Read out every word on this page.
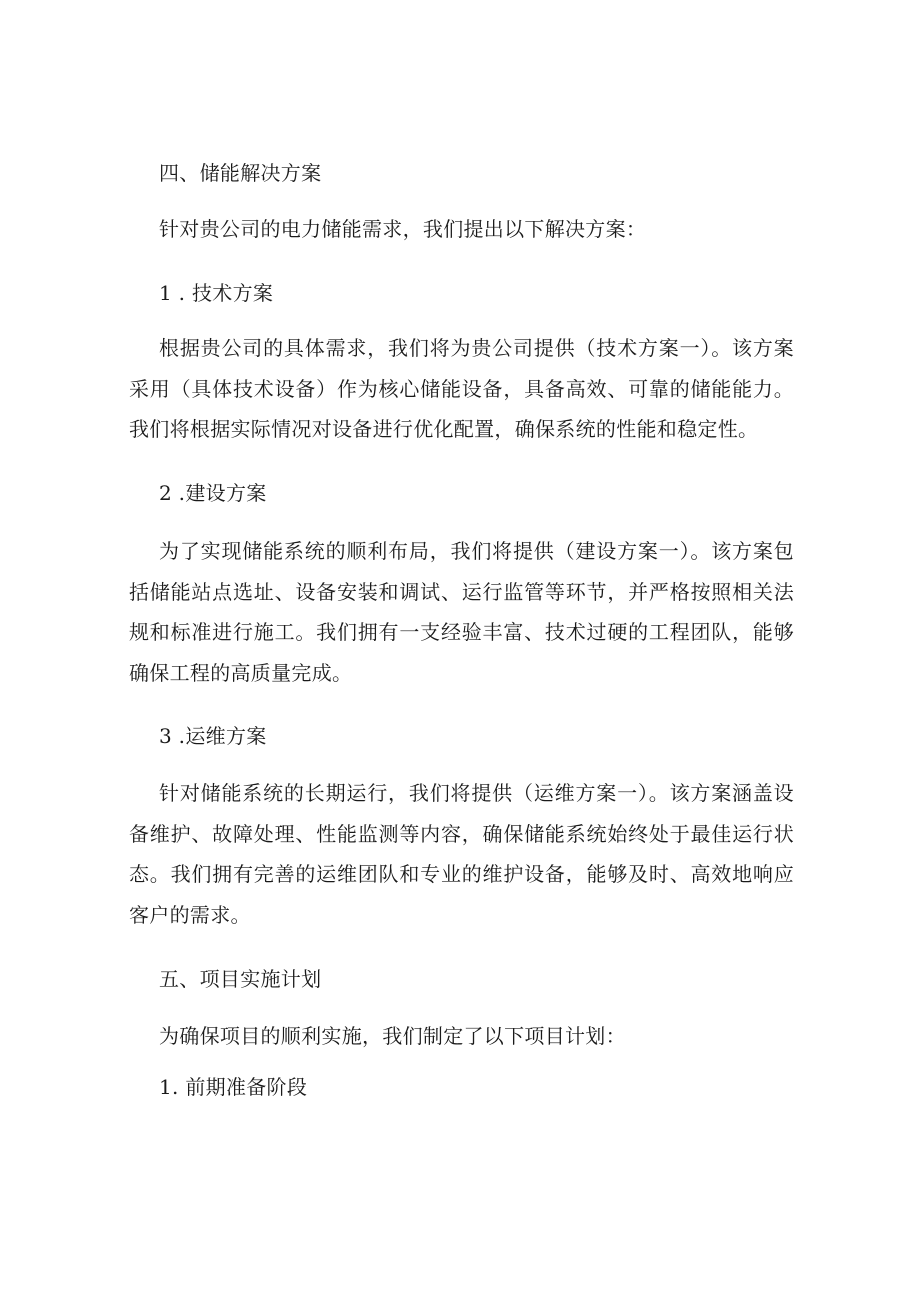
四、储能解决方案

针对贵公司的电力储能需求，我们提出以下解决方案：

1 . 技术方案

根据贵公司的具体需求，我们将为贵公司提供（技术方案一）。该方案采用（具体技术设备）作为核心储能设备，具备高效、可靠的储能能力。我们将根据实际情况对设备进行优化配置，确保系统的性能和稳定性。

2 .建设方案

为了实现储能系统的顺利布局，我们将提供（建设方案一）。该方案包括储能站点选址、设备安装和调试、运行监管等环节，并严格按照相关法规和标准进行施工。我们拥有一支经验丰富、技术过硬的工程团队，能够确保工程的高质量完成。

3 .运维方案

针对储能系统的长期运行，我们将提供（运维方案一）。该方案涵盖设备维护、故障处理、性能监测等内容，确保储能系统始终处于最佳运行状态。我们拥有完善的运维团队和专业的维护设备，能够及时、高效地响应客户的需求。

五、项目实施计划

为确保项目的顺利实施，我们制定了以下项目计划：

1. 前期准备阶段
